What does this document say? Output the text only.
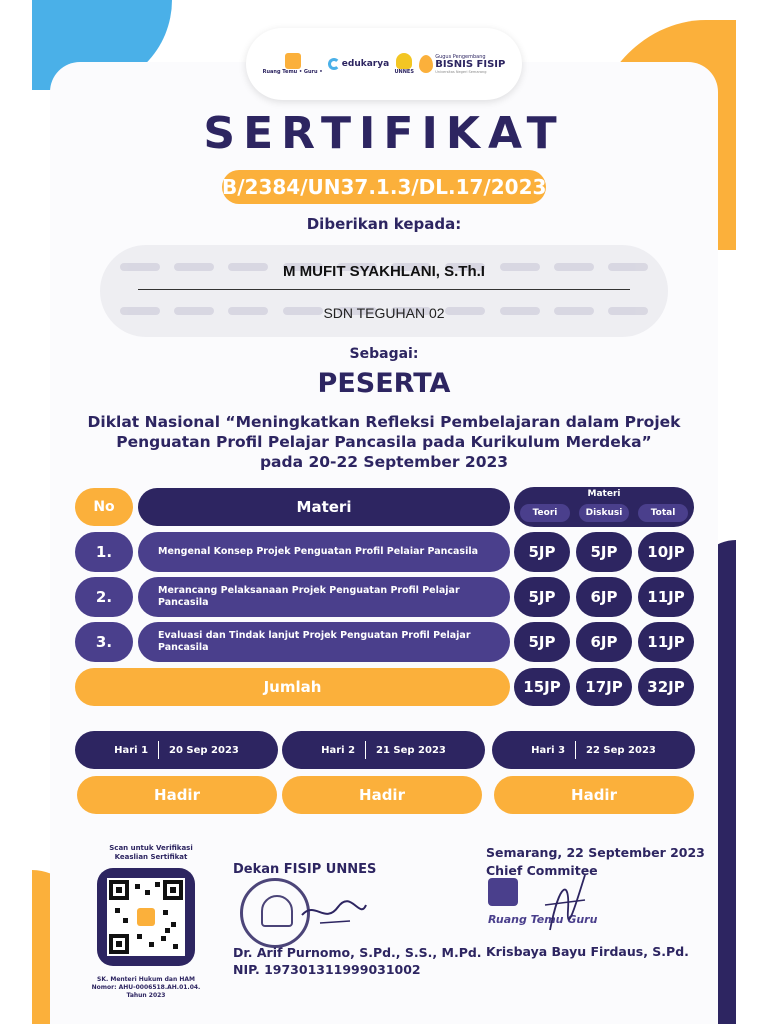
Ruang Temu • Guru •
edukarya
UNNES
Gugus Pengembang
BISNIS FISIP
Universitas Negeri Semarang
SERTIFIKAT
B/2384/UN37.1.3/DL.17/2023
Diberikan kepada:
M MUFIT SYAKHLANI, S.Th.I
SDN TEGUHAN 02
Sebagai:
PESERTA
Diklat Nasional “Meningkatkan Refleksi Pembelajaran dalam Projek
Penguatan Profil Pelajar Pancasila pada Kurikulum Merdeka”
pada 20-22 September 2023
No	Materi
Materi
Teori	Diskusi	Total
1.	Mengenal Konsep Projek Penguatan Profil Pelaiar Pancasila	5JP	5JP	10JP
2.	Merancang Pelaksanaan Projek Penguatan Profil Pelajar Pancasila	5JP	6JP	11JP
3.	Evaluasi dan Tindak lanjut Projek Penguatan Profil Pelajar Pancasila	5JP	6JP	11JP
Jumlah	15JP	17JP	32JP
Hari 1 20 Sep 2023	Hari 2 21 Sep 2023	Hari 3 22 Sep 2023
Hadir	Hadir	Hadir
Scan untuk Verifikasi
Keaslian Sertifikat
SK. Menteri Hukum dan HAM
Nomor: AHU-0006518.AH.01.04.
Tahun 2023
Dekan FISIP UNNES
Dr. Arif Purnomo, S.Pd., S.S., M.Pd.
NIP. 197301311999031002
Semarang, 22 September 2023
Chief Commitee
Ruang Temu Guru
Krisbaya Bayu Firdaus, S.Pd.
